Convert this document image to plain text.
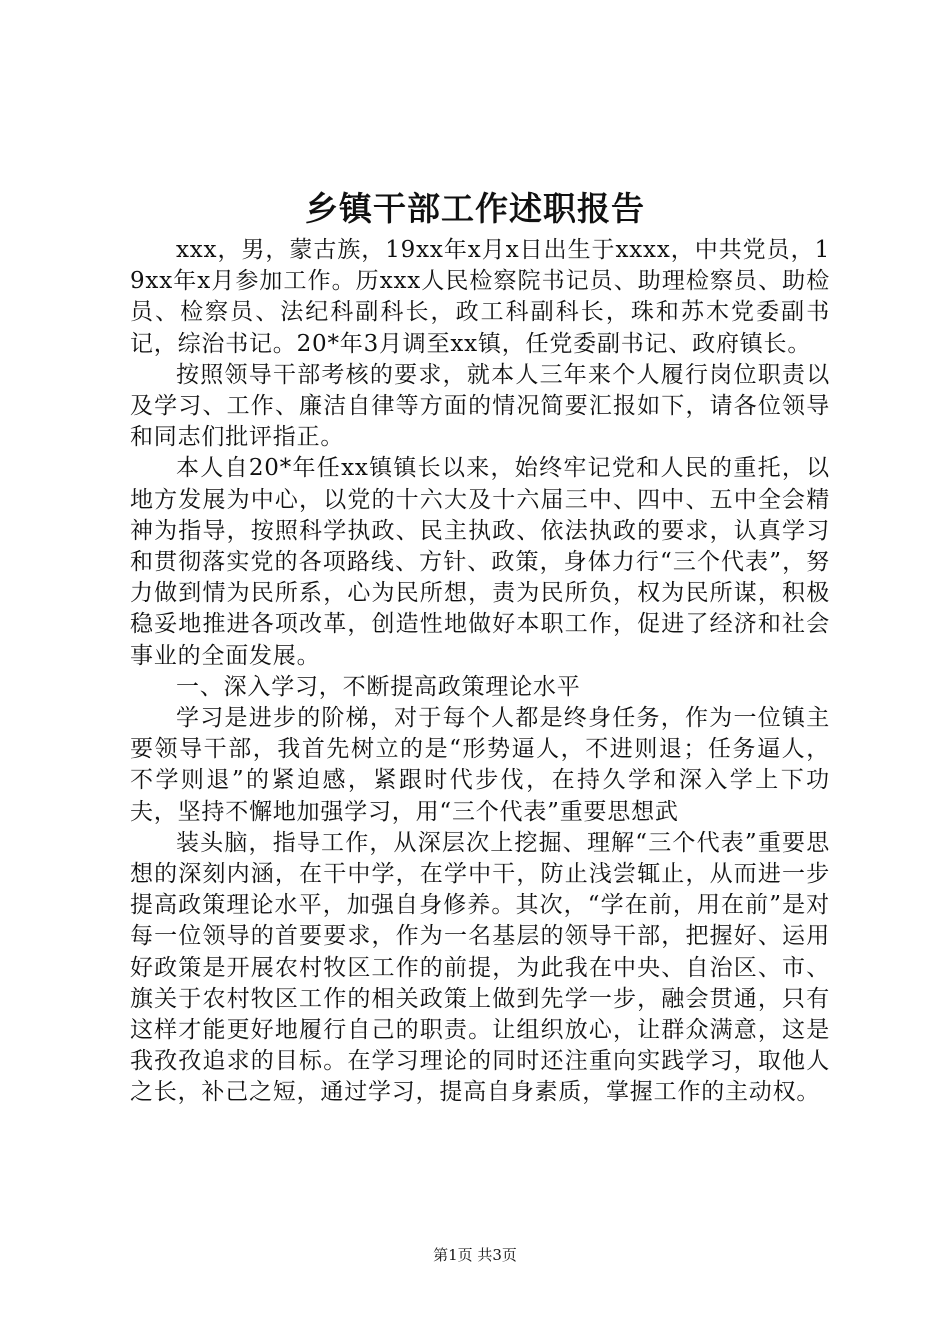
乡镇干部工作述职报告

xxx，男，蒙古族，19xx年x月x日出生于xxxx，中共党员，19xx年x月参加工作。历xxx人民检察院书记员、助理检察员、助检员、检察员、法纪科副科长，政工科副科长，珠和苏木党委副书记，综治书记。20*年3月调至xx镇，任党委副书记、政府镇长。

按照领导干部考核的要求，就本人三年来个人履行岗位职责以及学习、工作、廉洁自律等方面的情况简要汇报如下，请各位领导和同志们批评指正。

本人自20*年任xx镇镇长以来，始终牢记党和人民的重托，以地方发展为中心，以党的十六大及十六届三中、四中、五中全会精神为指导，按照科学执政、民主执政、依法执政的要求，认真学习和贯彻落实党的各项路线、方针、政策，身体力行“三个代表”，努力做到情为民所系，心为民所想，责为民所负，权为民所谋，积极稳妥地推进各项改革，创造性地做好本职工作，促进了经济和社会事业的全面发展。

一、深入学习，不断提高政策理论水平

学习是进步的阶梯，对于每个人都是终身任务，作为一位镇主要领导干部，我首先树立的是“形势逼人，不进则退；任务逼人，不学则退”的紧迫感，紧跟时代步伐，在持久学和深入学上下功夫，坚持不懈地加强学习，用“三个代表”重要思想武

装头脑，指导工作，从深层次上挖掘、理解“三个代表”重要思想的深刻内涵，在干中学，在学中干，防止浅尝辄止，从而进一步提高政策理论水平，加强自身修养。其次，“学在前，用在前”是对每一位领导的首要要求，作为一名基层的领导干部，把握好、运用好政策是开展农村牧区工作的前提，为此我在中央、自治区、市、旗关于农村牧区工作的相关政策上做到先学一步，融会贯通，只有这样才能更好地履行自己的职责。让组织放心，让群众满意，这是我孜孜追求的目标。在学习理论的同时还注重向实践学习，取他人之长，补己之短，通过学习，提高自身素质，掌握工作的主动权。

第1页 共3页
